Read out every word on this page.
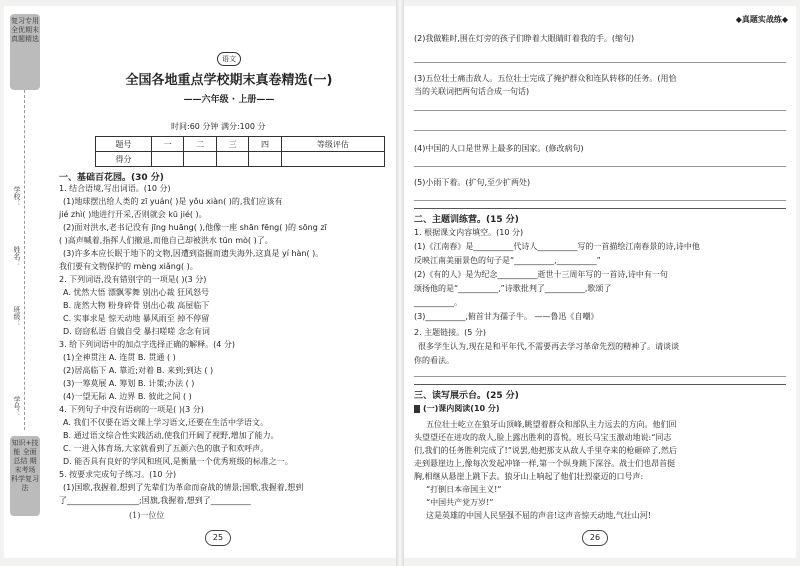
复习专用 全优期末真题精选
学校：
姓名：
班级：
学号：
知识+技能 全面 总结 期末考场 科学复习法
语文
全国各地重点学校期末真卷精选(一)
——六年级 · 上册——
时间:60 分钟 满分:100 分
题号	一	二	三	四	等级评估
得分					
一、基础百花园。(30 分)
1. 结合语境,写出词语。(10 分)
(1)地球摆出给人类的 zī yuán( )是 yǒu xiàn( )的,我们应该有
jié zhì( )地进行开采,否则就会 kū jié( )。
(2)面对洪水,老书记没有 jīng huāng( ),他像一座 shān fēng( )的 sōng zī
( )高声喊着,指挥人们撤退,而他自己却被洪水 tūn mò( )了。
(3)许多本应长眠于地下的文物,因遭到盗掘而遗失海外,这真是 yí hàn( )。
我们要有文物保护的 mèng xiǎng( )。
2. 下列词语,没有错别字的一项是( )(3 分)
A. 忧然大悟 漂飘零舞 别出心裁 狂风怒号
B. 庞然大物 粉身碎骨 别出心裁 高屋临下
C. 实事求是 惊天动地 暴风雨至 掉不停留
D. 窃窃私语 自做自受 暴扫嗟嗟 念念有词
3. 给下列词语中的加点字选择正确的解释。(4 分)
(1)全神贯注 A. 连贯 B. 贯通 ( )
(2)居高临下 A. 靠近;对着 B. 来到;到达 ( )
(3)一筹莫展 A. 筹划 B. 计策;办法 ( )
(4)一望无际 A. 边界 B. 彼此之间 ( )
4. 下列句子中没有语病的一项是( )(3 分)
A. 我们不仅要在语文课上学习语文,还要在生活中学语文。
B. 通过语文综合性实践活动,使我们开阔了视野,增加了能力。
C. 一进入体育场,大家就看到了五颜六色的旗子和欢呼声。
D. 能否具有良好的学风和班风,是衡量一个优秀班级的标准之一。
5. 按要求完成句子练习。(10 分)
(1)国歌,我握着,想到了先辈们为革命而奋战的情景;国歌,我握着,想到
了__________________;国旗,我握着,想到了__________
(1)一位位
25
◆真题实战练◆
(2)我做鞋时,围在灯旁的孩子们睁着大眼睛盯着我的手。(缩句)
(3)五位壮士痛击敌人。五位壮士完成了掩护群众和连队转移的任务。(用恰
当的关联词把两句话合成一句话)
(4)中国的人口是世界上最多的国家。(修改病句)
(5)小雨下着。(扩句,至少扩两处)
二、主题训练营。(15 分)
1. 根据课文内容填空。(10 分)
(1)《江南春》是__________代诗人__________写的一首描绘江南春景的诗,诗中他
反映江南美丽景色的句子是“__________,__________”
(2)《有的人》是为纪念__________逝世十三周年写的一首诗,诗中有一句
颂扬他的是“__________,”诗歌批判了__________,歌颂了
__________。
(3)__________,俯首甘为孺子牛。 ——鲁迅《自嘲》
2. 主题链接。(5 分)
很多学生认为,现在是和平年代,不需要再去学习革命先烈的精神了。请谈谈
你的看法。
三、读写展示台。(25 分)
(一)课内阅读(10 分)
五位壮士屹立在狼牙山顶峰,眺望着群众和部队主力远去的方向。他们回
头望望还在进攻的敌人,脸上露出胜利的喜悦。班长马宝玉激动地说:“同志
们,我们的任务胜利完成了!”说罢,他把那支从敌人手里夺来的枪砸碎了,然后
走到悬崖边上,像每次发起冲锋一样,第一个纵身跳下深谷。战士们也昂首挺
胸,相继从悬崖上跳下去。狼牙山上响起了他们壮烈豪迈的口号声:
“打倒日本帝国主义!”
“中国共产党万岁!”
这是英雄的中国人民坚强不屈的声音!这声音惊天动地,气壮山河!
26
